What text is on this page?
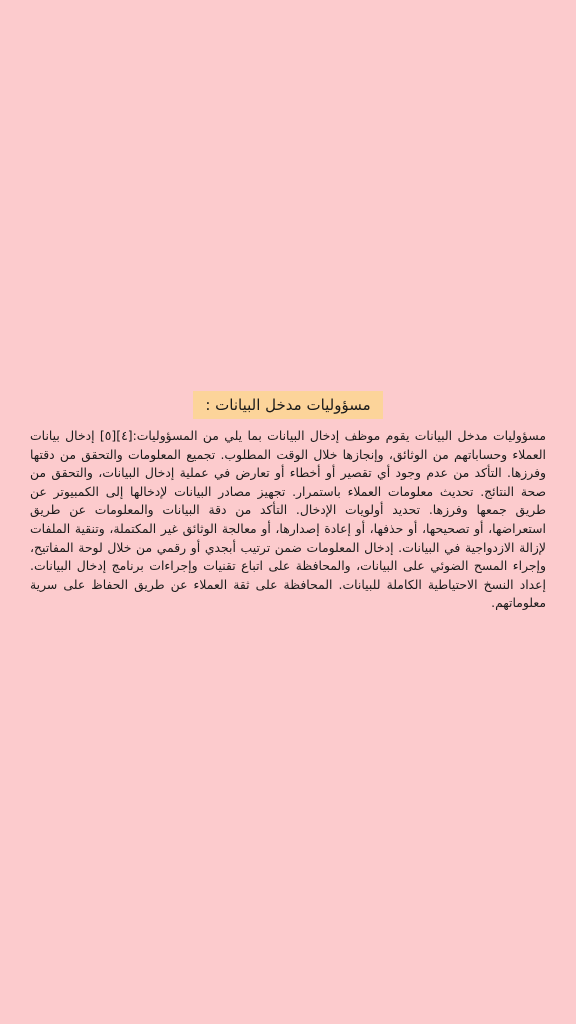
مسؤوليات مدخل البيانات :
مسؤوليات مدخل البيانات يقوم موظف إدخال البيانات بما يلي من المسؤوليات:[٤][٥] إدخال بيانات العملاء وحساباتهم من الوثائق، وإنجازها خلال الوقت المطلوب. تجميع المعلومات والتحقق من دقتها وفرزها. التأكد من عدم وجود أي تقصير أو أخطاء أو تعارض في عملية إدخال البيانات، والتحقق من صحة النتائج. تحديث معلومات العملاء باستمرار. تجهيز مصادر البيانات لإدخالها إلى الكمبيوتر عن طريق جمعها وفرزها. تحديد أولويات الإدخال. التأكد من دقة البيانات والمعلومات عن طريق استعراضها، أو تصحيحها، أو حذفها، أو إعادة إصدارها، أو معالجة الوثائق غير المكتملة، وتنقية الملفات لإزالة الازدواجية في البيانات. إدخال المعلومات ضمن ترتيب أبجدي أو رقمي من خلال لوحة المفاتيح، وإجراء المسح الضوئي على البيانات، والمحافظة على اتباع تقنيات وإجراءات برنامج إدخال البيانات. إعداد النسخ الاحتياطية الكاملة للبيانات. المحافظة على ثقة العملاء عن طريق الحفاظ على سرية معلوماتهم.
